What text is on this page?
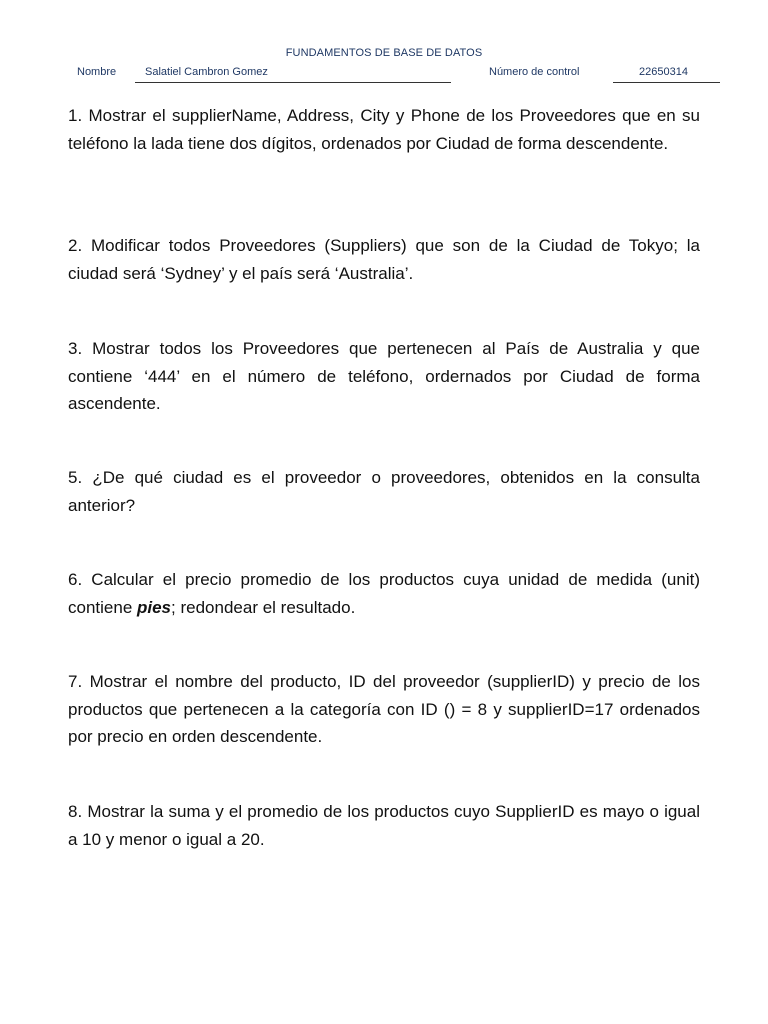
FUNDAMENTOS DE BASE DE DATOS
Nombre	Salatiel Cambron Gomez	Número de control	22650314

1. Mostrar el supplierName, Address, City y Phone de los Proveedores que en su teléfono la lada tiene dos dígitos, ordenados por Ciudad de forma descendente.

2. Modificar todos Proveedores (Suppliers) que son de la Ciudad de Tokyo; la ciudad será ‘Sydney’ y el país será ‘Australia’.

3. Mostrar todos los Proveedores que pertenecen al País de Australia y que contiene ‘444’ en el número de teléfono, ordernados por Ciudad de forma ascendente.

5. ¿De qué ciudad es el proveedor o proveedores, obtenidos en la consulta anterior?

6. Calcular el precio promedio de los productos cuya unidad de medida (unit) contiene pies; redondear el resultado.

7. Mostrar el nombre del producto, ID del proveedor (supplierID) y precio de los productos que pertenecen a la categoría con ID () = 8 y supplierID=17 ordenados por precio en orden descendente.

8. Mostrar la suma y el promedio de los productos cuyo SupplierID es mayo o igual a 10 y menor o igual a 20.
